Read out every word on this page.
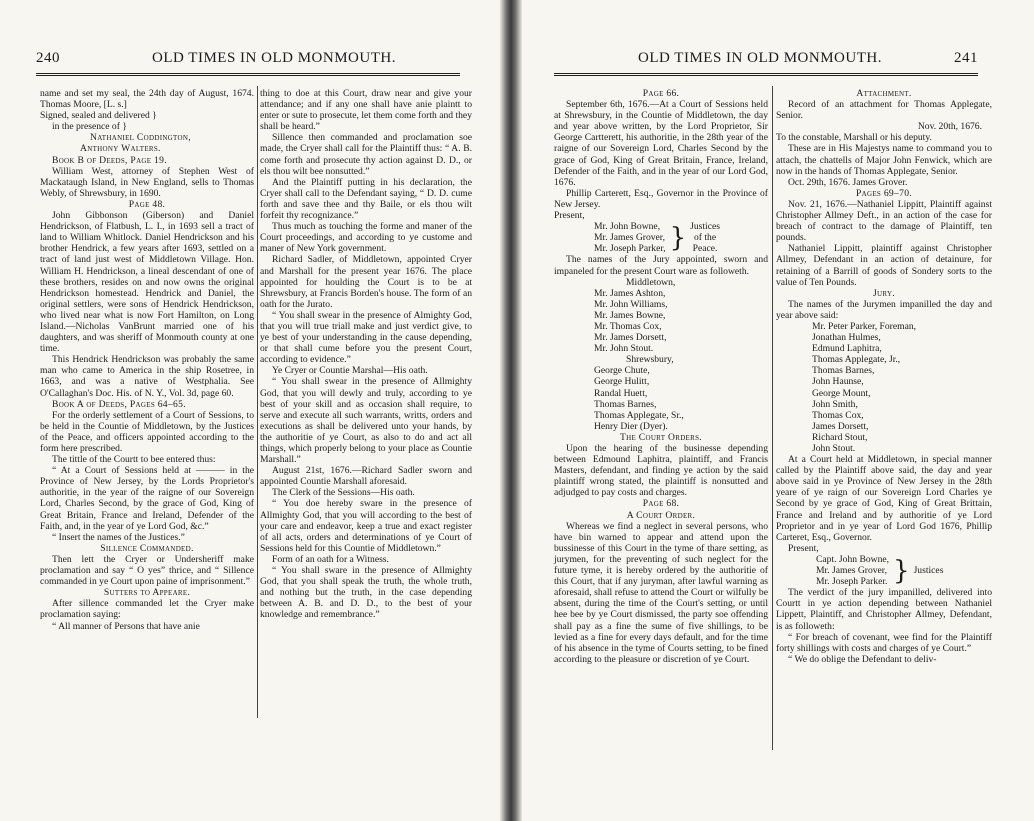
240	OLD TIMES IN OLD MONMOUTH.

name and set my seal, the 24th day of August, 1674. Thomas Moore, [L. s.]

Signed, sealed and delivered }

in the presence of }

Nathaniel Coddington,

Anthony Walters.

Book B of Deeds, Page 19.

William West, attorney of Stephen West of Mackataugh Island, in New England, sells to Thomas Webly, of Shrewsbury, in 1690.

Page 48.

John Gibbonson (Giberson) and Daniel Hendrickson, of Flatbush, L. I., in 1693 sell a tract of land to William Whitlock. Daniel Hendrickson and his brother Hendrick, a few years after 1693, settled on a tract of land just west of Middletown Village. Hon. William H. Hendrickson, a lineal descendant of one of these brothers, resides on and now owns the original Hendrickson homestead. Hendrick and Daniel, the original settlers, were sons of Hendrick Hendrickson, who lived near what is now Fort Hamilton, on Long Island.—Nicholas VanBrunt married one of his daughters, and was sheriff of Monmouth county at one time.

This Hendrick Hendrickson was probably the same man who came to America in the ship Rosetree, in 1663, and was a native of Westphalia. See O'Callaghan's Doc. His. of N. Y., Vol. 3d, page 60.

Book A of Deeds, Pages 64–65.

For the orderly settlement of a Court of Sessions, to be held in the Countie of Middletown, by the Justices of the Peace, and officers appointed according to the form here prescribed.

The tittle of the Courtt to bee entered thus:

“ At a Court of Sessions held at ——— in the Province of New Jersey, by the Lords Proprietor's authoritie, in the year of the raigne of our Sovereign Lord, Charles Second, by the grace of God, King of Great Britain, France and Ireland, Defender of the Faith, and, in the year of ye Lord God, &c.”

“ Insert the names of the Justices.”

Sillence Commanded.

Then lett the Cryer or Undersheriff make proclamation and say “ O yes” thrice, and “ Sillence commanded in ye Court upon paine of imprisonment.”

Sutters to Appeare.

After sillence commanded let the Cryer make proclamation saying:

“ All manner of Persons that have anie

thing to doe at this Court, draw near and give your attendance; and if any one shall have anie plaintt to enter or sute to prosecute, let them come forth and they shall be heard.”

Sillence then commanded and proclamation soe made, the Cryer shall call for the Plaintiff thus: “ A. B. come forth and prosecute thy action against D. D., or els thou wilt bee nonsutted.”

And the Plaintiff putting in his declaration, the Cryer shall call to the Defendant saying, “ D. D. cume forth and save thee and thy Baile, or els thou wilt forfeit thy recognizance.”

Thus much as touching the forme and maner of the Court proceedings, and according to ye custome and maner of New York government.

Richard Sadler, of Middletown, appointed Cryer and Marshall for the present year 1676. The place appointed for houlding the Court is to be at Shrewsbury, at Francis Borden's house. The form of an oath for the Jurato.

“ You shall swear in the presence of Almighty God, that you will true triall make and just verdict give, to ye best of your understanding in the cause depending, or that shall cume before you the present Court, according to evidence.”

Ye Cryer or Countie Marshal—His oath.

“ You shall swear in the presence of Allmighty God, that you will dewly and truly, according to ye best of your skill and as occasion shall require, to serve and execute all such warrants, writts, orders and executions as shall be delivered unto your hands, by the authoritie of ye Court, as also to do and act all things, which properly belong to your place as Countie Marshall.”

August 21st, 1676.—Richard Sadler sworn and appointed Countie Marshall aforesaid.

The Clerk of the Sessions—His oath.

“ You doe hereby sware in the presence of Allmighty God, that you will according to the best of your care and endeavor, keep a true and exact register of all acts, orders and determinations of ye Court of Sessions held for this Countie of Middletown.”

Form of an oath for a Witness.

“ You shall sware in the presence of Allmighty God, that you shall speak the truth, the whole truth, and nothing but the truth, in the case depending between A. B. and D. D., to the best of your knowledge and remembrance.”

OLD TIMES IN OLD MONMOUTH.	241

Page 66.

September 6th, 1676.—At a Court of Sessions held at Shrewsbury, in the Countie of Middletown, the day and year above written, by the Lord Proprietor, Sir George Cartterett, his authoritie, in the 28th year of the raigne of our Sovereign Lord, Charles Second by the grace of God, King of Great Britain, France, Ireland, Defender of the Faith, and in the year of our Lord God, 1676.

Phillip Carterett, Esq., Governor in the Province of New Jersey.

Present,

Mr. John Bowne,

Mr. James Grover,

Mr. Joseph Parker, } Justices

of the

Peace.

The names of the Jury appointed, sworn and impaneled for the present Court ware as followeth.

Middletown,

Mr. James Ashton,

Mr. John Williams,

Mr. James Bowne,

Mr. Thomas Cox,

Mr. James Dorsett,

Mr. John Stout.

Shrewsbury,

George Chute,

George Hulitt,

Randal Huett,

Thomas Barnes,

Thomas Applegate, Sr.,

Henry Dier (Dyer).

The Court Orders.

Upon the hearing of the businesse depending between Edmound Laphitra, plaintiff, and Francis Masters, defendant, and finding ye action by the said plaintiff wrong stated, the plaintiff is nonsutted and adjudged to pay costs and charges.

Page 68.

A Court Order.

Whereas we find a neglect in several persons, who have bin warned to appear and attend upon the bussinesse of this Court in the tyme of thare setting, as jurymen, for the preventing of such neglect for the future tyme, it is hereby ordered by the authoritie of this Court, that if any juryman, after lawful warning as aforesaid, shall refuse to attend the Court or wilfully be absent, during the time of the Court's setting, or until hee bee by ye Court dismissed, the party soe offending shall pay as a fine the sume of five shillings, to be levied as a fine for every days default, and for the time of his absence in the tyme of Courts setting, to be fined according to the pleasure or discretion of ye Court.

Attachment.

Record of an attachment for Thomas Applegate, Senior.

Nov. 20th, 1676.

To the constable, Marshall or his deputy.

These are in His Majestys name to command you to attach, the chattells of Major John Fenwick, which are now in the hands of Thomas Applegate, Senior.

Oct. 29th, 1676. James Grover.

Pages 69–70.

Nov. 21, 1676.—Nathaniel Lippitt, Plaintiff against Christopher Allmey Deft., in an action of the case for breach of contract to the damage of Plaintiff, ten pounds.

Nathaniel Lippitt, plaintiff against Christopher Allmey, Defendant in an action of detainure, for retaining of a Barrill of goods of Sondery sorts to the value of Ten Pounds.

Jury.

The names of the Jurymen impanilled the day and year above said:

Mr. Peter Parker, Foreman,

Jonathan Hulmes,

Edmund Laphitra,

Thomas Applegate, Jr.,

Thomas Barnes,

John Haunse,

George Mount,

John Smith,

Thomas Cox,

James Dorsett,

Richard Stout,

John Stout.

At a Court held at Middletown, in special manner called by the Plaintiff above said, the day and year above said in ye Province of New Jersey in the 28th yeare of ye raign of our Sovereign Lord Charles ye Second by ye grace of God, King of Great Brittain, France and Ireland and by authoritie of ye Lord Proprietor and in ye year of Lord God 1676, Phillip Carteret, Esq., Governor.

Present,

Capt. John Bowne,

Mr. James Grover,

Mr. Joseph Parker. } Justices

The verdict of the jury impanilled, delivered into Courtt in ye action depending between Nathaniel Lippett, Plaintiff, and Christopher Allmey, Defendant, is as followeth:

“ For breach of covenant, wee find for the Plaintiff forty shillings with costs and charges of ye Court.”

“ We do oblige the Defendant to deliv-
